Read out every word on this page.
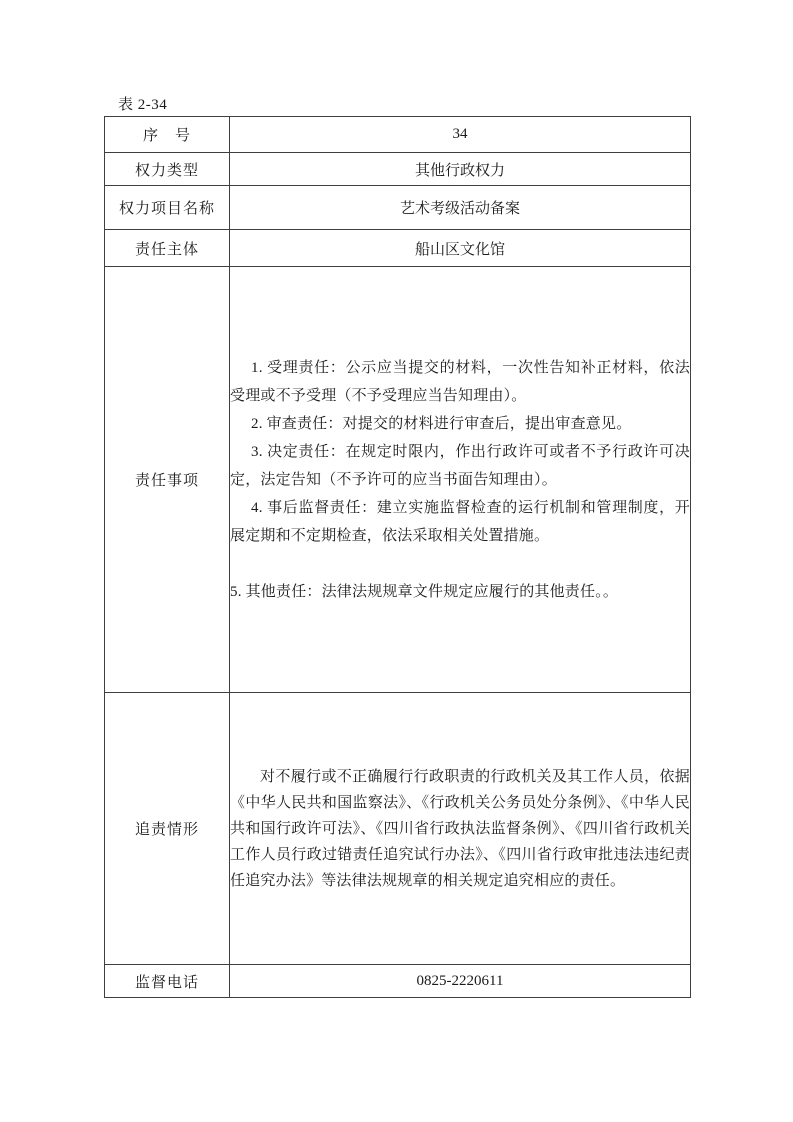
表 2-34
序　号	34
权力类型	其他行政权力
权力项目名称	艺术考级活动备案
责任主体	船山区文化馆
责任事项	1. 受理责任：公示应当提交的材料，一次性告知补正材料，依法受理或不予受理（不予受理应当告知理由）。

2. 审查责任：对提交的材料进行审查后，提出审查意见。

3. 决定责任：在规定时限内，作出行政许可或者不予行政许可决定，法定告知（不予许可的应当书面告知理由）。

4. 事后监督责任：建立实施监督检查的运行机制和管理制度，开展定期和不定期检查，依法采取相关处置措施。

5. 其他责任：法律法规规章文件规定应履行的其他责任。。

追责情形	对不履行或不正确履行行政职责的行政机关及其工作人员，依据《中华人民共和国监察法》、《行政机关公务员处分条例》、《中华人民共和国行政许可法》、《四川省行政执法监督条例》、《四川省行政机关工作人员行政过错责任追究试行办法》、《四川省行政审批违法违纪责任追究办法》等法律法规规章的相关规定追究相应的责任。

监督电话	0825-2220611
